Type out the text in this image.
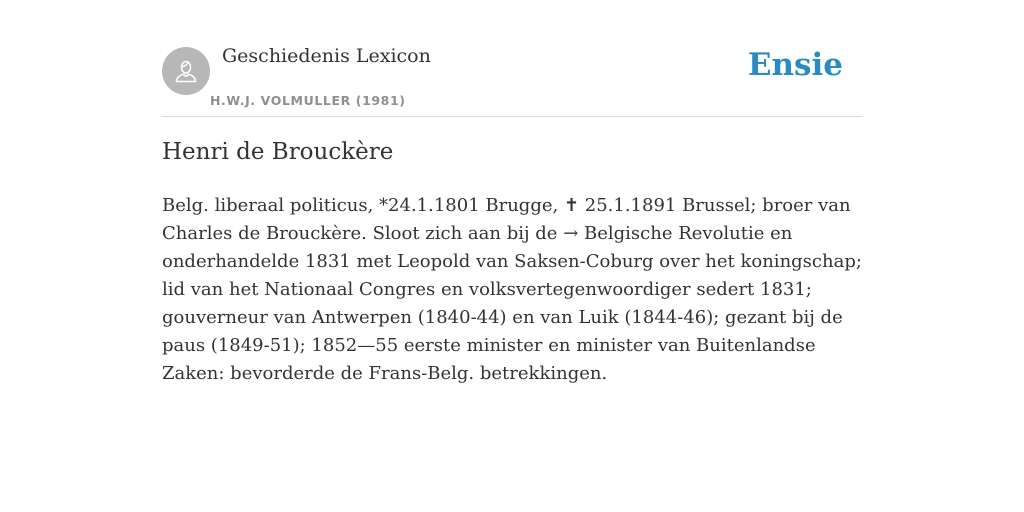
Geschiedenis Lexicon
H.W.J. VOLMULLER (1981)
Ensie
Henri de Brouckère

Belg. liberaal politicus, *24.1.1801 Brugge, ✝ 25.1.1891 Brussel; broer van Charles de Brouckère. Sloot zich aan bij de → Belgische Revolutie en onderhandelde 1831 met Leopold van Saksen-Coburg over het koningschap; lid van het Nationaal Congres en volksvertegenwoordiger sedert 1831; gouverneur van Antwerpen (1840-44) en van Luik (1844-46); gezant bij de paus (1849-51); 1852—55 eerste minister en minister van Buitenlandse Zaken: bevorderde de Frans-Belg. betrekkingen.
